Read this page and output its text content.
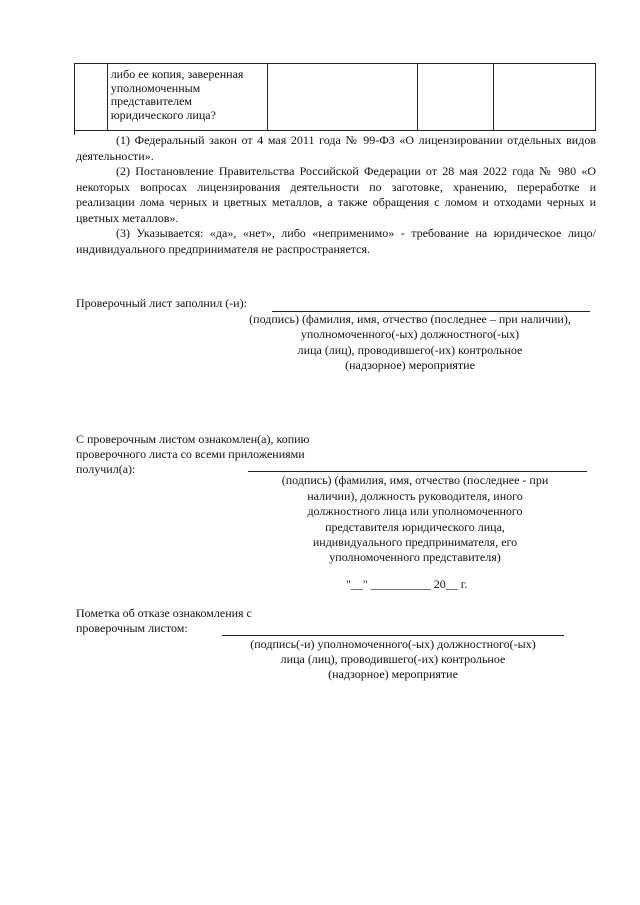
либо ее копия, заверенная уполномоченным представителем юридического лица?

(1) Федеральный закон от 4 мая 2011 года № 99-ФЗ «О лицензировании отдельных видов деятельности».
(2) Постановление Правительства Российской Федерации от 28 мая 2022 года № 980 «О некоторых вопросах лицензирования деятельности по заготовке, хранению, переработке и реализации лома черных и цветных металлов, а также обращения с ломом и отходами черных и цветных металлов».
(3) Указывается: «да», «нет», либо «неприменимо» - требование на юридическое лицо/индивидуального предпринимателя не распространяется.
Проверочный лист заполнил (-и):
(подпись) (фамилия, имя, отчество (последнее – при наличии),
уполномоченного(-ых) должностного(-ых)
лица (лиц), проводившего(-их) контрольное
(надзорное) мероприятие
С проверочным листом ознакомлен(а), копию
проверочного листа со всеми приложениями
получил(а):
(подпись) (фамилия, имя, отчество (последнее - при
наличии), должность руководителя, иного
должностного лица или уполномоченного
представителя юридического лица,
индивидуального предпринимателя, его
уполномоченного представителя)
"__" __________ 20__ г.
Пометка об отказе ознакомления с
проверочным листом:
(подпись(-и) уполномоченного(-ых) должностного(-ых)
лица (лиц), проводившего(-их) контрольное
(надзорное) мероприятие
